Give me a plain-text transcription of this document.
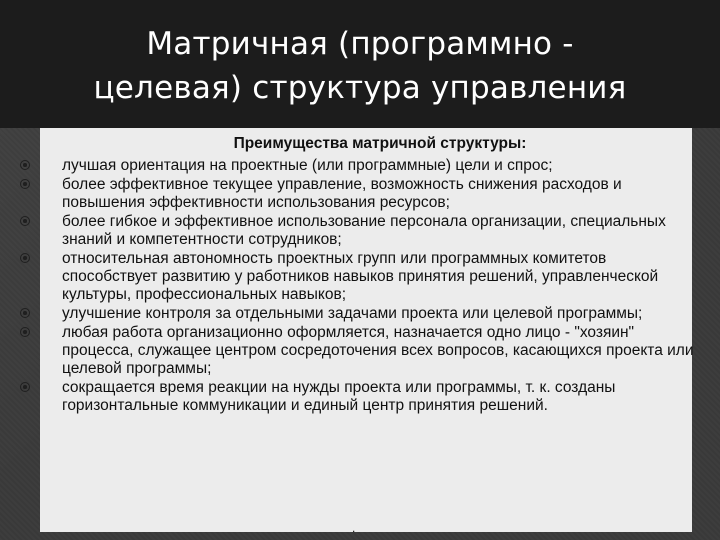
Матричная (программно -
целевая) структура управления
Преимущества матричной структуры:
лучшая ориентация на проектные (или программные) цели и спрос;
более эффективное текущее управление, возможность снижения расходов и повышения эффективности использования ресурсов;
более гибкое и эффективное использование персонала организации, специальных знаний и компетентности сотрудников;
относительная автономность проектных групп или программных комитетов способствует развитию у работников навыков принятия решений, управленческой культуры, профессиональных навыков;
улучшение контроля за отдельными задачами проекта или целевой программы;
любая работа организационно оформляется, назначается одно лицо - "хозяин" процесса, служащее центром сосредоточения всех вопросов, касающихся проекта или целевой программы;
сокращается время реакции на нужды проекта или программы, т. к. созданы горизонтальные коммуникации и единый центр принятия решений.
.
